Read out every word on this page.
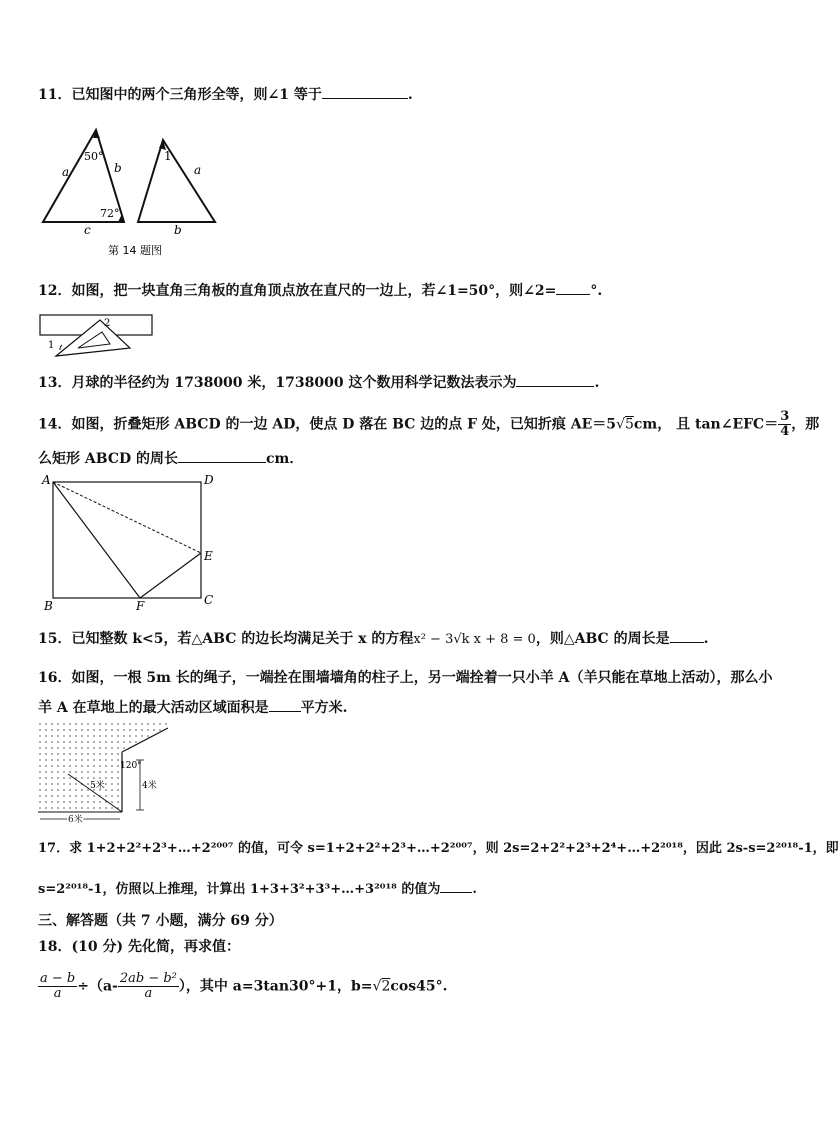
11．已知图中的两个三角形全等，则∠1 等于	.
50°
72°
a	b
c
1
a
b
第 14 题图
12．如图，把一块直角三角板的直角顶点放在直尺的一边上，若∠1=50°，则∠2= °.
1
2
13．月球的半径约为 1738000 米，1738000 这个数用科学记数法表示为	.
14．如图，折叠矩形 ABCD 的一边 AD，使点 D 落在 BC 边的点 F 处，已知折痕 AE＝5√5cm， 且 tan∠EFC＝ $\frac{3}{4}$ ，那
么矩形 ABCD 的周长	cm．
A	D
E
B	F	C
15．已知整数 k<5，若△ABC 的边长均满足关于 x 的方程x² − 3√k x + 8 = 0，则△ABC 的周长是 .
16．如图，一根 5m 长的绳子，一端拴在围墙墙角的柱子上，另一端拴着一只小羊 A（羊只能在草地上活动），那么小
羊 A 在草地上的最大活动区域面积是 平方米.
120°
5米	4米
6米
17．求 1+2+2²+2³+…+2²⁰⁰⁷ 的值，可令 s=1+2+2²+2³+…+2²⁰⁰⁷，则 2s=2+2²+2³+2⁴+…+2²⁰¹⁸，因此 2s-s=2²⁰¹⁸-1，即
s=2²⁰¹⁸-1，仿照以上推理，计算出 1+3+3²+3³+…+3²⁰¹⁸ 的值为 .
三、解答题（共 7 小题，满分 69 分）
18．(10 分) 先化简，再求值：
$\frac{a - b}{a} \div(a- \frac{\text{2ab − b²}}{a}$ ），其中 a=3tan30°+1，b=√2cos45°.
